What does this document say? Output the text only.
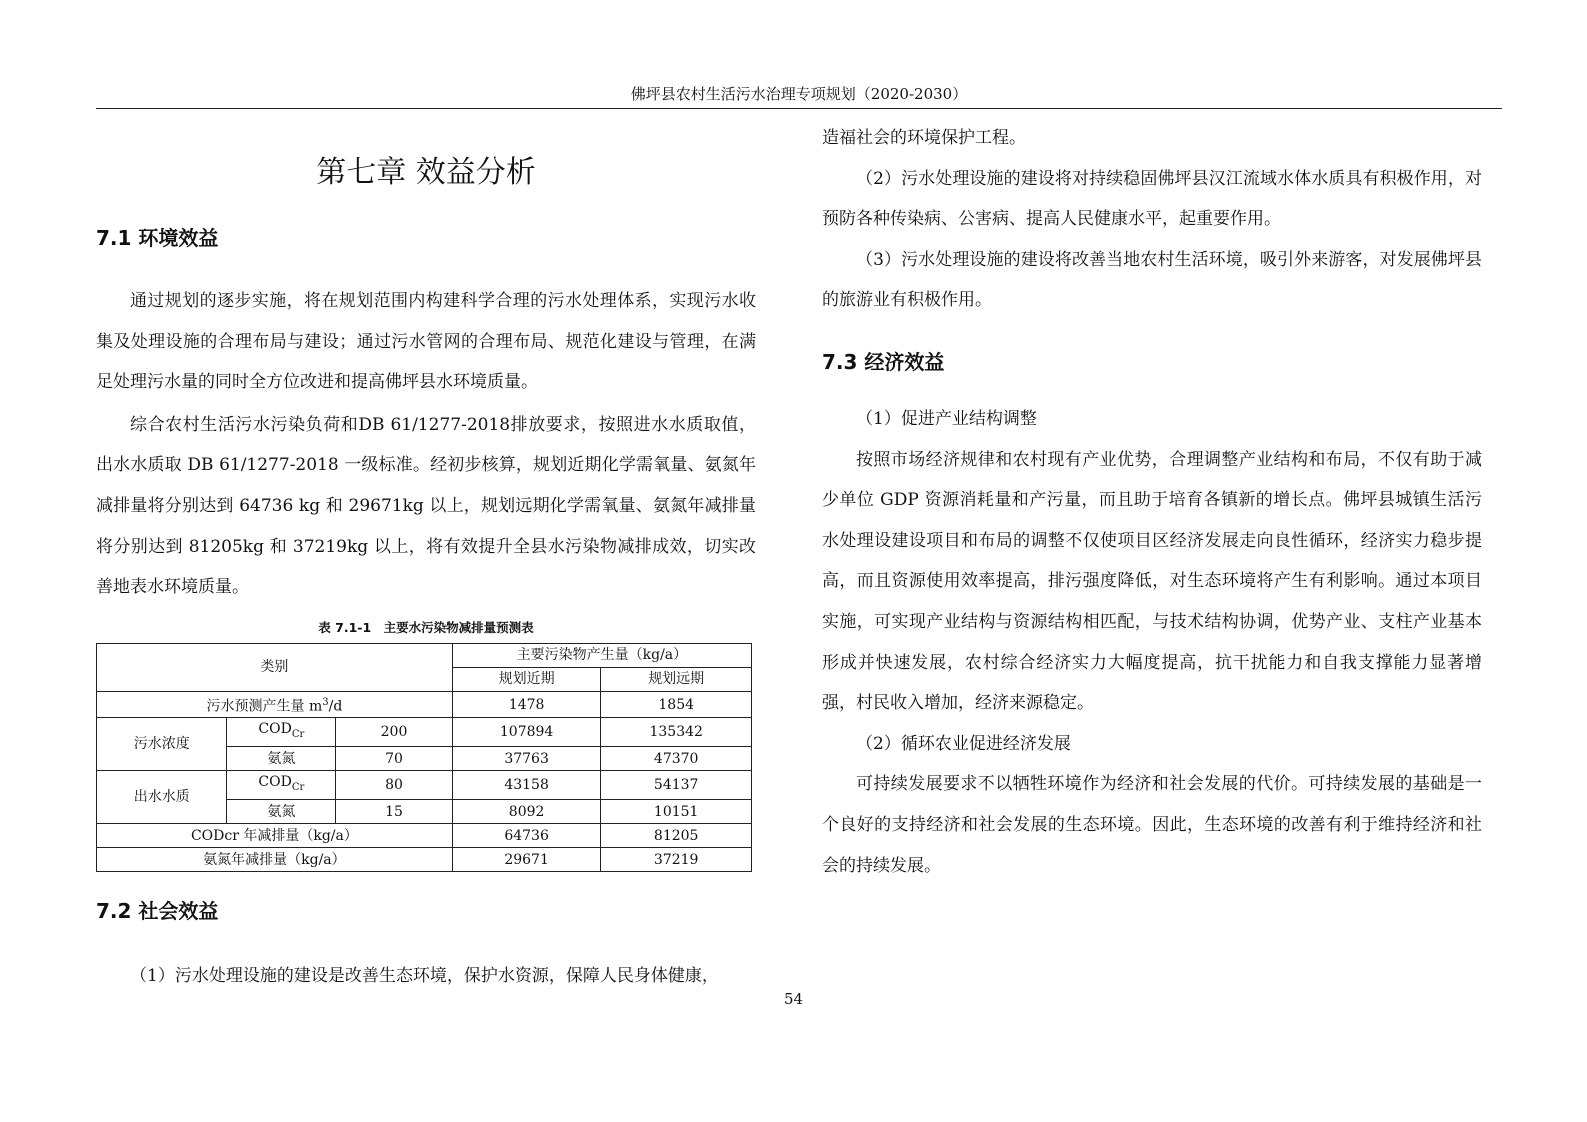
佛坪县农村生活污水治理专项规划（2020-2030）
第七章 效益分析
7.1 环境效益
通过规划的逐步实施，将在规划范围内构建科学合理的污水处理体系，实现污水收集及处理设施的合理布局与建设；通过污水管网的合理布局、规范化建设与管理，在满足处理污水量的同时全方位改进和提高佛坪县水环境质量。
综合农村生活污水污染负荷和DB 61/1277-2018排放要求，按照进水水质取值，出水水质取 DB 61/1277-2018 一级标准。经初步核算，规划近期化学需氧量、氨氮年减排量将分别达到 64736 kg 和 29671kg 以上，规划远期化学需氧量、氨氮年减排量将分别达到 81205kg 和 37219kg 以上，将有效提升全县水污染物减排成效，切实改善地表水环境质量。
表 7.1-1　主要水污染物减排量预测表
类别			主要污染物产生量（kg/a）	
			规划近期	规划远期
污水预测产生量 $m^3/d$			1478	1854
污水浓度	$COD_{Cr}$	200	107894	135342
	氨氮	70	37763	47370
出水水质	$COD_{Cr}$	80	43158	54137
	氨氮	15	8092	10151
CODcr 年减排量（kg/a）			64736	81205
氨氮年减排量（kg/a）			29671	37219
7.2 社会效益
（1）污水处理设施的建设是改善生态环境，保护水资源，保障人民身体健康，
造福社会的环境保护工程。
（2）污水处理设施的建设将对持续稳固佛坪县汉江流域水体水质具有积极作用，对预防各种传染病、公害病、提高人民健康水平，起重要作用。
（3）污水处理设施的建设将改善当地农村生活环境，吸引外来游客，对发展佛坪县的旅游业有积极作用。
7.3 经济效益
（1）促进产业结构调整
按照市场经济规律和农村现有产业优势，合理调整产业结构和布局，不仅有助于减少单位 GDP 资源消耗量和产污量，而且助于培育各镇新的增长点。佛坪县城镇生活污水处理设建设项目和布局的调整不仅使项目区经济发展走向良性循环，经济实力稳步提高，而且资源使用效率提高，排污强度降低，对生态环境将产生有利影响。通过本项目实施，可实现产业结构与资源结构相匹配，与技术结构协调，优势产业、支柱产业基本形成并快速发展，农村综合经济实力大幅度提高，抗干扰能力和自我支撑能力显著增强，村民收入增加，经济来源稳定。
（2）循环农业促进经济发展
可持续发展要求不以牺牲环境作为经济和社会发展的代价。可持续发展的基础是一个良好的支持经济和社会发展的生态环境。因此，生态环境的改善有利于维持经济和社会的持续发展。
54
